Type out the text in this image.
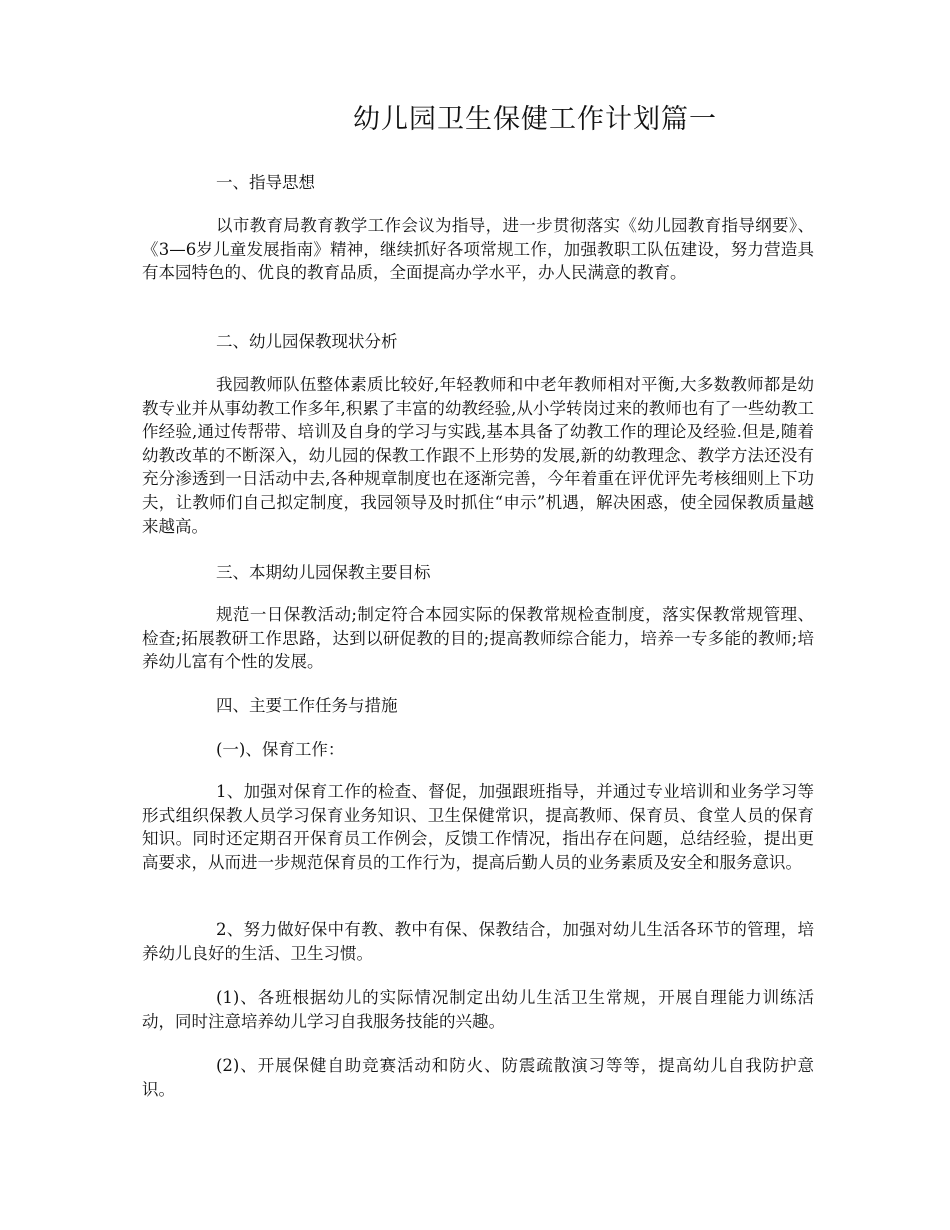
幼儿园卫生保健工作计划篇一
一、指导思想
以市教育局教育教学工作会议为指导，进一步贯彻落实《幼儿园教育指导纲要》、《3—6岁儿童发展指南》精神，继续抓好各项常规工作，加强教职工队伍建设，努力营造具有本园特色的、优良的教育品质，全面提高办学水平，办人民满意的教育。
二、幼儿园保教现状分析
我园教师队伍整体素质比较好,年轻教师和中老年教师相对平衡,大多数教师都是幼教专业并从事幼教工作多年,积累了丰富的幼教经验,从小学转岗过来的教师也有了一些幼教工作经验,通过传帮带、培训及自身的学习与实践,基本具备了幼教工作的理论及经验.但是,随着幼教改革的不断深入，幼儿园的保教工作跟不上形势的发展,新的幼教理念、教学方法还没有充分渗透到一日活动中去,各种规章制度也在逐渐完善，今年着重在评优评先考核细则上下功夫，让教师们自己拟定制度，我园领导及时抓住“申示”机遇，解决困惑，使全园保教质量越来越高。
三、本期幼儿园保教主要目标
规范一日保教活动;制定符合本园实际的保教常规检查制度，落实保教常规管理、检查;拓展教研工作思路，达到以研促教的目的;提高教师综合能力，培养一专多能的教师;培养幼儿富有个性的发展。
四、主要工作任务与措施
(一)、保育工作：
1、加强对保育工作的检查、督促，加强跟班指导，并通过专业培训和业务学习等形式组织保教人员学习保育业务知识、卫生保健常识，提高教师、保育员、食堂人员的保育知识。同时还定期召开保育员工作例会，反馈工作情况，指出存在问题，总结经验，提出更高要求，从而进一步规范保育员的工作行为，提高后勤人员的业务素质及安全和服务意识。
2、努力做好保中有教、教中有保、保教结合，加强对幼儿生活各环节的管理，培养幼儿良好的生活、卫生习惯。
(1)、各班根据幼儿的实际情况制定出幼儿生活卫生常规，开展自理能力训练活动，同时注意培养幼儿学习自我服务技能的兴趣。
(2)、开展保健自助竞赛活动和防火、防震疏散演习等等，提高幼儿自我防护意识。
